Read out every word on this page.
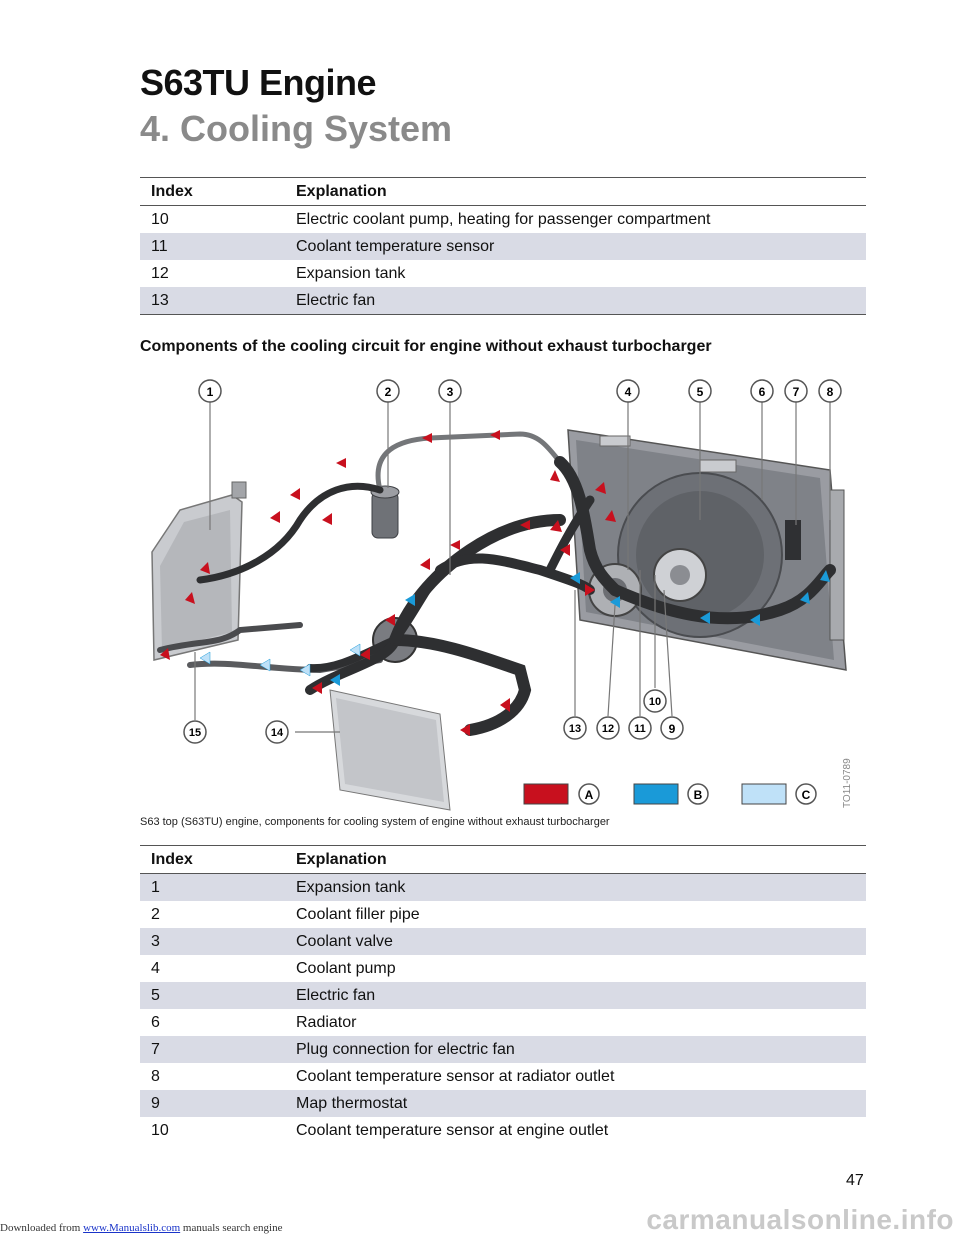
S63TU Engine
4. Cooling System
Index	Explanation
10	Electric coolant pump, heating for passenger compartment
11	Coolant temperature sensor
12	Expansion tank
13	Electric fan

Components of the cooling circuit for engine without exhaust turbocharger

1	2	3	4	5	6 7 8
9
10
11
12
13
14
15
A	B	C	TO11-0789
S63 top (S63TU) engine, components for cooling system of engine without exhaust turbocharger
Index	Explanation
1	Expansion tank
2	Coolant filler pipe
3	Coolant valve
4	Coolant pump
5	Electric fan
6	Radiator
7	Plug connection for electric fan
8	Coolant temperature sensor at radiator outlet
9	Map thermostat
10	Coolant temperature sensor at engine outlet
47
Downloaded from www.Manualslib.com manuals search engine	carmanualsonline.info
